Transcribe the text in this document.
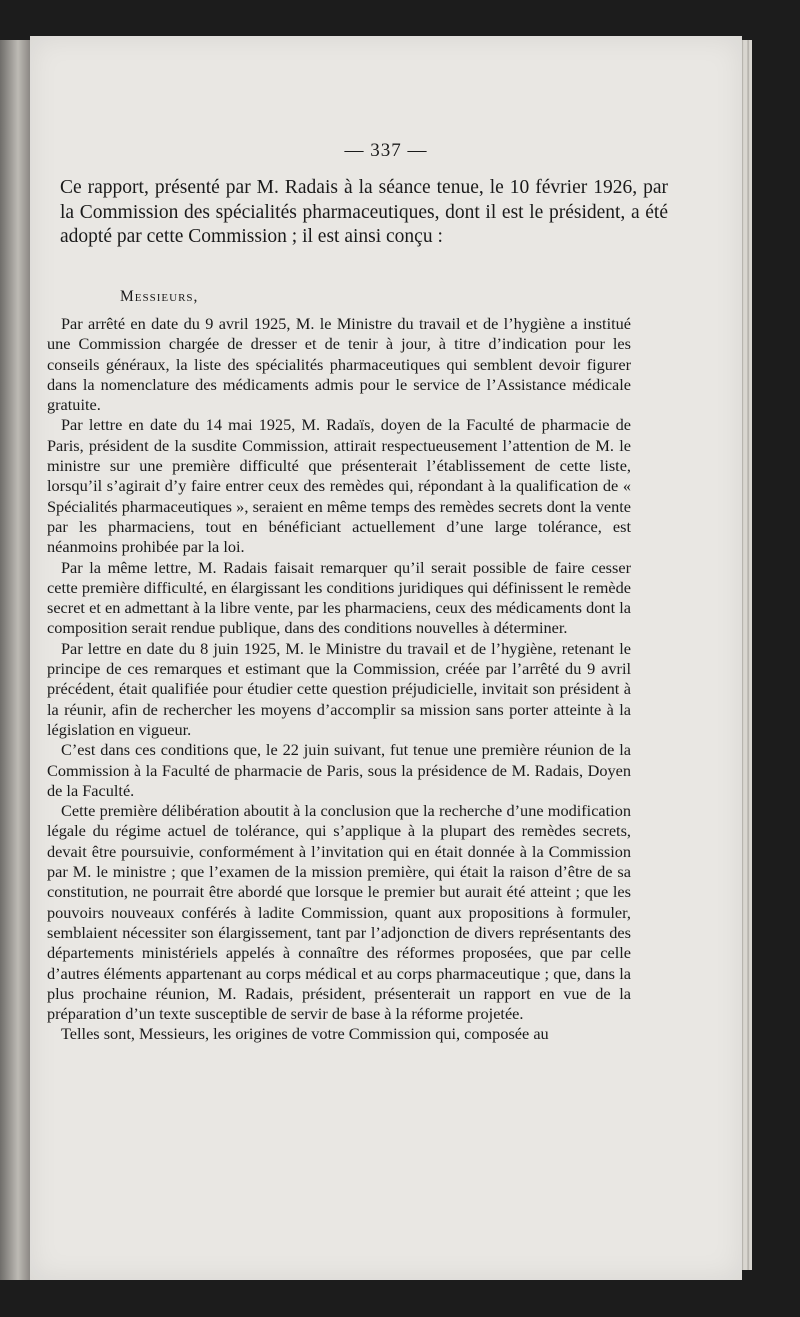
— 337 —
Ce rapport, présenté par M. Radais à la séance tenue, le 10 février 1926, par la Commission des spécialités pharmaceutiques, dont il est le président, a été adopté par cette Commission ; il est ainsi conçu :
Messieurs,

Par arrêté en date du 9 avril 1925, M. le Ministre du travail et de l’hygiène a institué une Commission chargée de dresser et de tenir à jour, à titre d’indication pour les conseils généraux, la liste des spécialités pharmaceutiques qui semblent devoir figurer dans la nomenclature des médicaments admis pour le service de l’Assistance médicale gratuite.

Par lettre en date du 14 mai 1925, M. Radaïs, doyen de la Faculté de pharmacie de Paris, président de la susdite Commission, attirait respectueusement l’attention de M. le ministre sur une première difficulté que présenterait l’établissement de cette liste, lorsqu’il s’agirait d’y faire entrer ceux des remèdes qui, répondant à la qualification de « Spécialités pharmaceutiques », seraient en même temps des remèdes secrets dont la vente par les pharmaciens, tout en bénéficiant actuellement d’une large tolérance, est néanmoins prohibée par la loi.

Par la même lettre, M. Radais faisait remarquer qu’il serait possible de faire cesser cette première difficulté, en élargissant les conditions juridiques qui définissent le remède secret et en admettant à la libre vente, par les pharmaciens, ceux des médicaments dont la composition serait rendue publique, dans des conditions nouvelles à déterminer.

Par lettre en date du 8 juin 1925, M. le Ministre du travail et de l’hygiène, retenant le principe de ces remarques et estimant que la Commission, créée par l’arrêté du 9 avril précédent, était qualifiée pour étudier cette question préjudicielle, invitait son président à la réunir, afin de rechercher les moyens d’accomplir sa mission sans porter atteinte à la législation en vigueur.

C’est dans ces conditions que, le 22 juin suivant, fut tenue une première réunion de la Commission à la Faculté de pharmacie de Paris, sous la présidence de M. Radais, Doyen de la Faculté.

Cette première délibération aboutit à la conclusion que la recherche d’une modification légale du régime actuel de tolérance, qui s’applique à la plupart des remèdes secrets, devait être poursuivie, conformément à l’invitation qui en était donnée à la Commission par M. le ministre ; que l’examen de la mission première, qui était la raison d’être de sa constitution, ne pourrait être abordé que lorsque le premier but aurait été atteint ; que les pouvoirs nouveaux conférés à ladite Commission, quant aux propositions à formuler, semblaient nécessiter son élargissement, tant par l’adjonction de divers représentants des départements ministériels appelés à connaître des réformes proposées, que par celle d’autres éléments appartenant au corps médical et au corps pharmaceutique ; que, dans la plus prochaine réunion, M. Radais, président, présenterait un rapport en vue de la préparation d’un texte susceptible de servir de base à la réforme projetée.

Telles sont, Messieurs, les origines de votre Commission qui, composée au
